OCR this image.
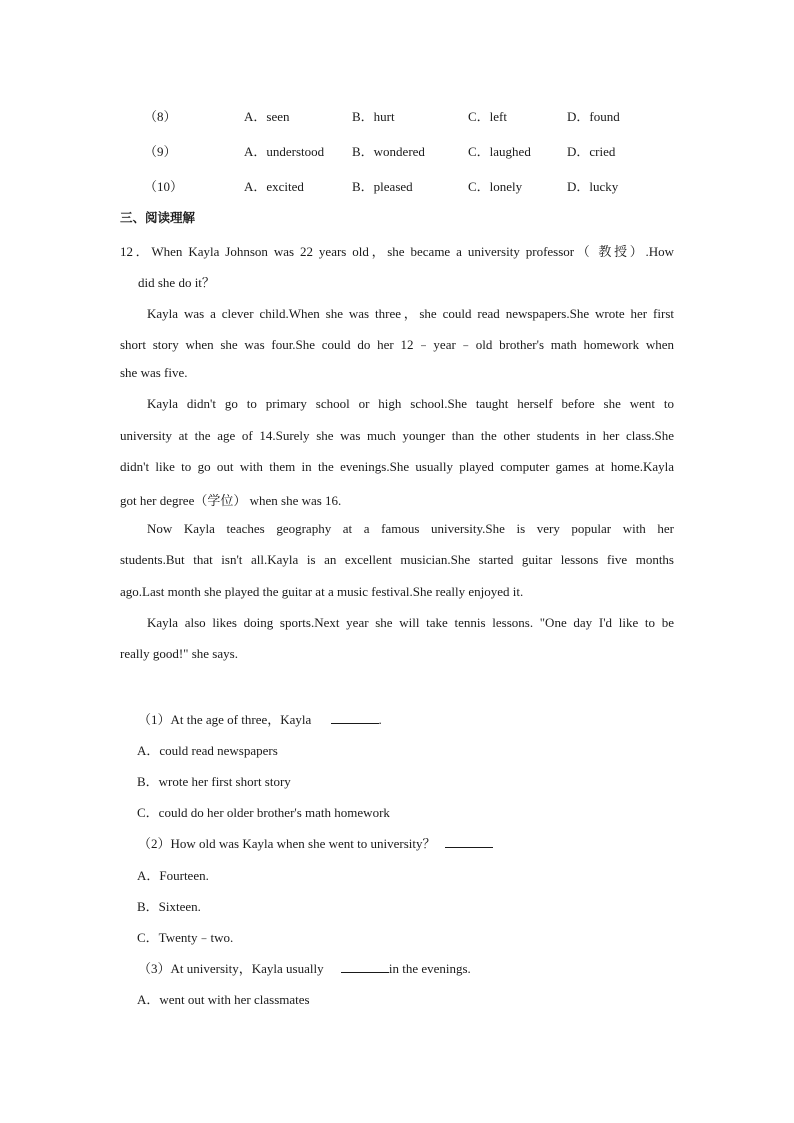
（8）	A．seen	B．hurt	C．left	D．found
（9）	A．understood B．wondered	C．laughed	D．cried
（10）	A．excited	B．pleased	C．lonely	D．lucky
三、阅读理解
12．When Kayla Johnson was 22 years old，she became a university professor（ 教授）.How
did she do it？
Kayla was a clever child.When she was three，she could read newspapers.She wrote her first
short story when she was four.She could do her 12﹣year﹣old brother's math homework when
she was five.
Kayla didn't go to primary school or high school.She taught herself before she went to
university at the age of 14.Surely she was much younger than the other students in her class.She
didn't like to go out with them in the evenings.She usually played computer games at home.Kayla
got her degree（学位） when she was 16.
Now Kayla teaches geography at a famous university.She is very popular with her
students.But that isn't all.Kayla is an excellent musician.She started guitar lessons five months
ago.Last month she played the guitar at a music festival.She really enjoyed it.
Kayla also likes doing sports.Next year she will take tennis lessons. "One day I'd like to be
really good!" she says.
（1）At the age of three，Kayla	.
A．could read newspapers
B．wrote her first short story
C．could do her older brother's math homework
（2）How old was Kayla when she went to university？
A．Fourteen.
B．Sixteen.
C．Twenty﹣two.
（3）At university，Kayla usually	in the evenings.
A．went out with her classmates
